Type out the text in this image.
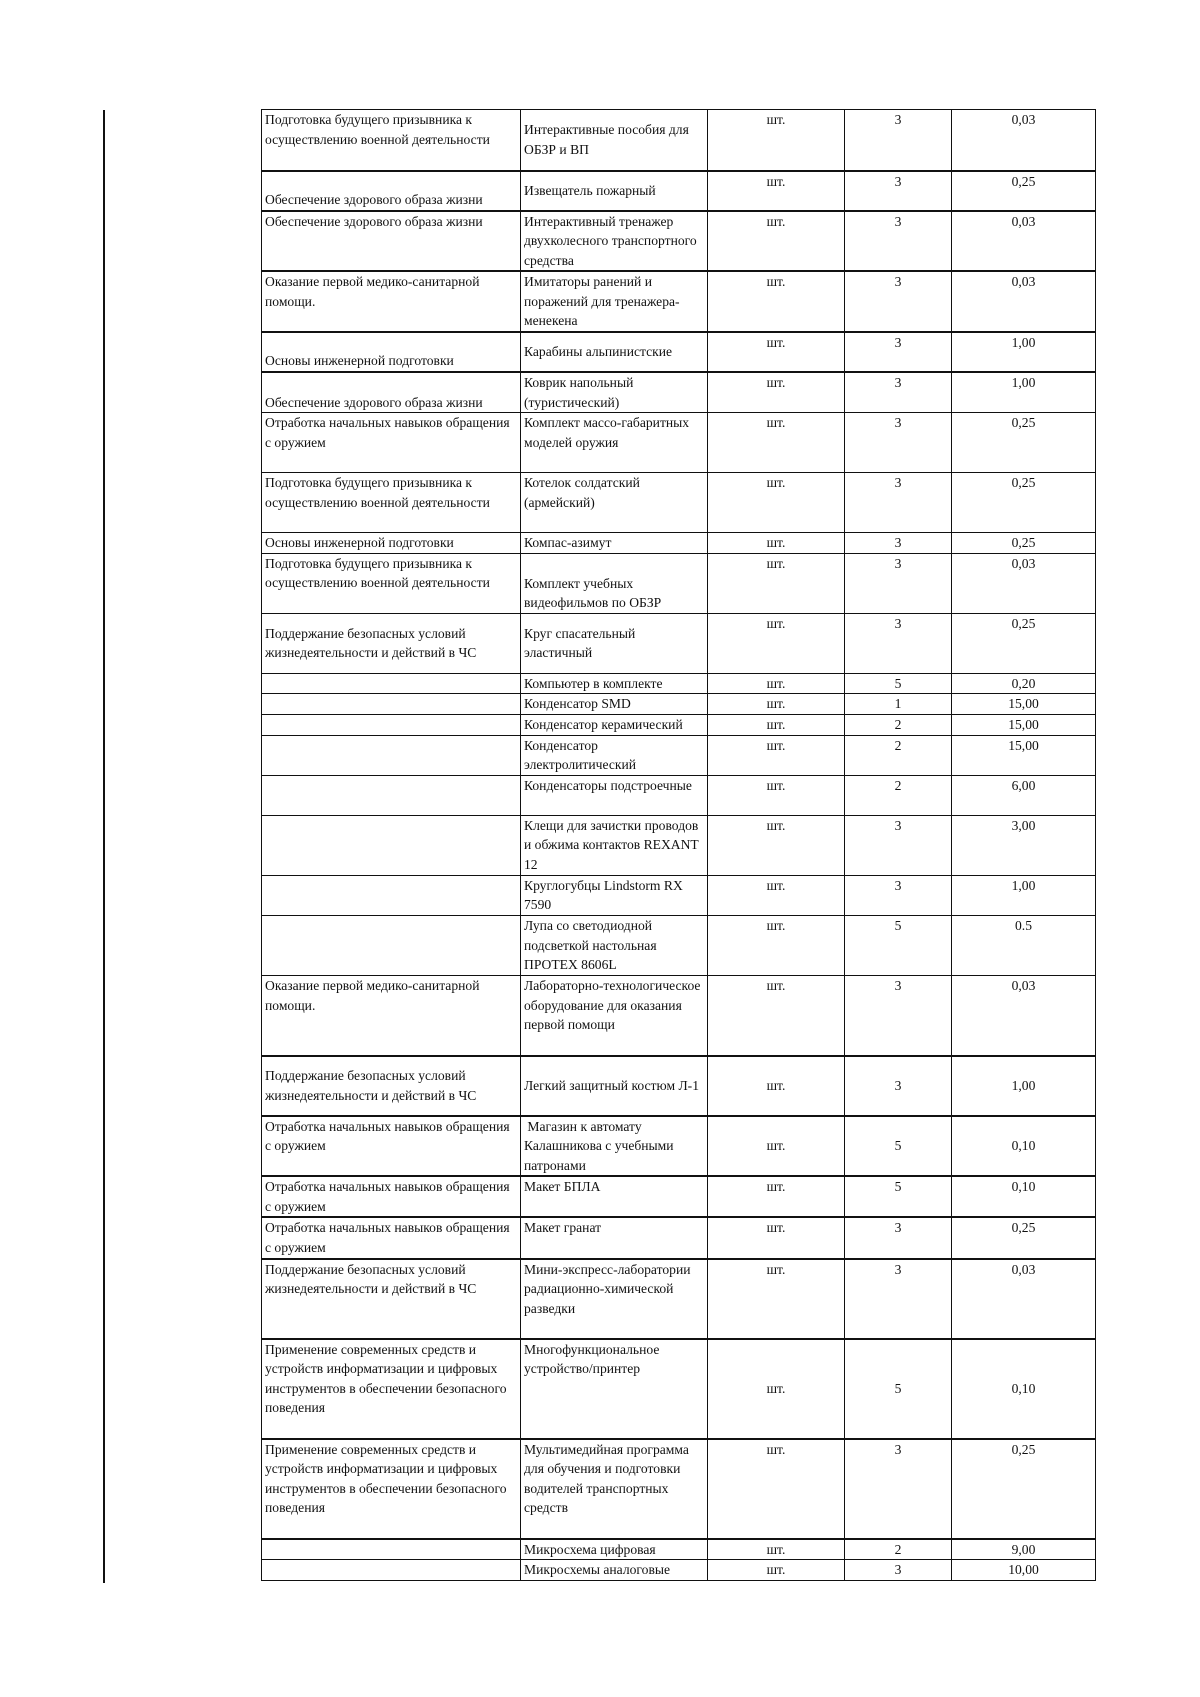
Подготовка будущего призывника к осуществлению военной деятельности	Интерактивные пособия для ОБЗР и ВП	шт.	3	0,03
Обеспечение здорового образа жизни	Извещатель пожарный	шт.	3	0,25
Обеспечение здорового образа жизни	Интерактивный тренажер двухколесного транспортного средства	шт.	3	0,03
Оказание первой медико-санитарной помощи.	Имитаторы ранений и поражений для тренажера-менекена	шт.	3	0,03
Основы инженерной подготовки	Карабины альпинистские	шт.	3	1,00
Обеспечение здорового образа жизни	Коврик напольный (туристический)	шт.	3	1,00
Отработка начальных навыков обращения с оружием	Комплект массо-габаритных моделей оружия	шт.	3	0,25
Подготовка будущего призывника к осуществлению военной деятельности	Котелок солдатский (армейский)	шт.	3	0,25
Основы инженерной подготовки	Компас-азимут	шт.	3	0,25
Подготовка будущего призывника к осуществлению военной деятельности	Комплект учебных видеофильмов по ОБЗР	шт.	3	0,03
Поддержание безопасных условий жизнедеятельности и действий в ЧС	Круг спасательный эластичный	шт.	3	0,25
	Компьютер в комплекте	шт.	5	0,20
	Конденсатор SMD	шт.	1	15,00
	Конденсатор керамический	шт.	2	15,00
	Конденсатор электролитический	шт.	2	15,00
	Конденсаторы подстроечные	шт.	2	6,00
	Клещи для зачистки проводов и обжима контактов REXANT 12	шт.	3	3,00
	Круглогубцы Lindstorm RX 7590	шт.	3	1,00
	Лупа со светодиодной подсветкой настольная ПРОТЕХ 8606L	шт.	5	0.5
Оказание первой медико-санитарной помощи.	Лабораторно-технологическое оборудование для оказания первой помощи	шт.	3	0,03
Поддержание безопасных условий жизнедеятельности и действий в ЧС	Легкий защитный костюм Л-1	шт.	3	1,00
Отработка начальных навыков обращения с оружием	Магазин к автомату Калашникова с учебными патронами	шт.	5	0,10
Отработка начальных навыков обращения с оружием	Макет БПЛА	шт.	5	0,10
Отработка начальных навыков обращения с оружием	Макет гранат	шт.	3	0,25
Поддержание безопасных условий жизнедеятельности и действий в ЧС	Мини-экспресс-лаборатории радиационно-химической разведки	шт.	3	0,03
Применение современных средств и устройств информатизации и цифровых инструментов в обеспечении безопасного поведения	Многофункциональное устройство/принтер	шт.	5	0,10
Применение современных средств и устройств информатизации и цифровых инструментов в обеспечении безопасного поведения	Мультимедийная программа для обучения и подготовки водителей транспортных средств	шт.	3	0,25
	Микросхема цифровая	шт.	2	9,00
	Микросхемы аналоговые	шт.	3	10,00
